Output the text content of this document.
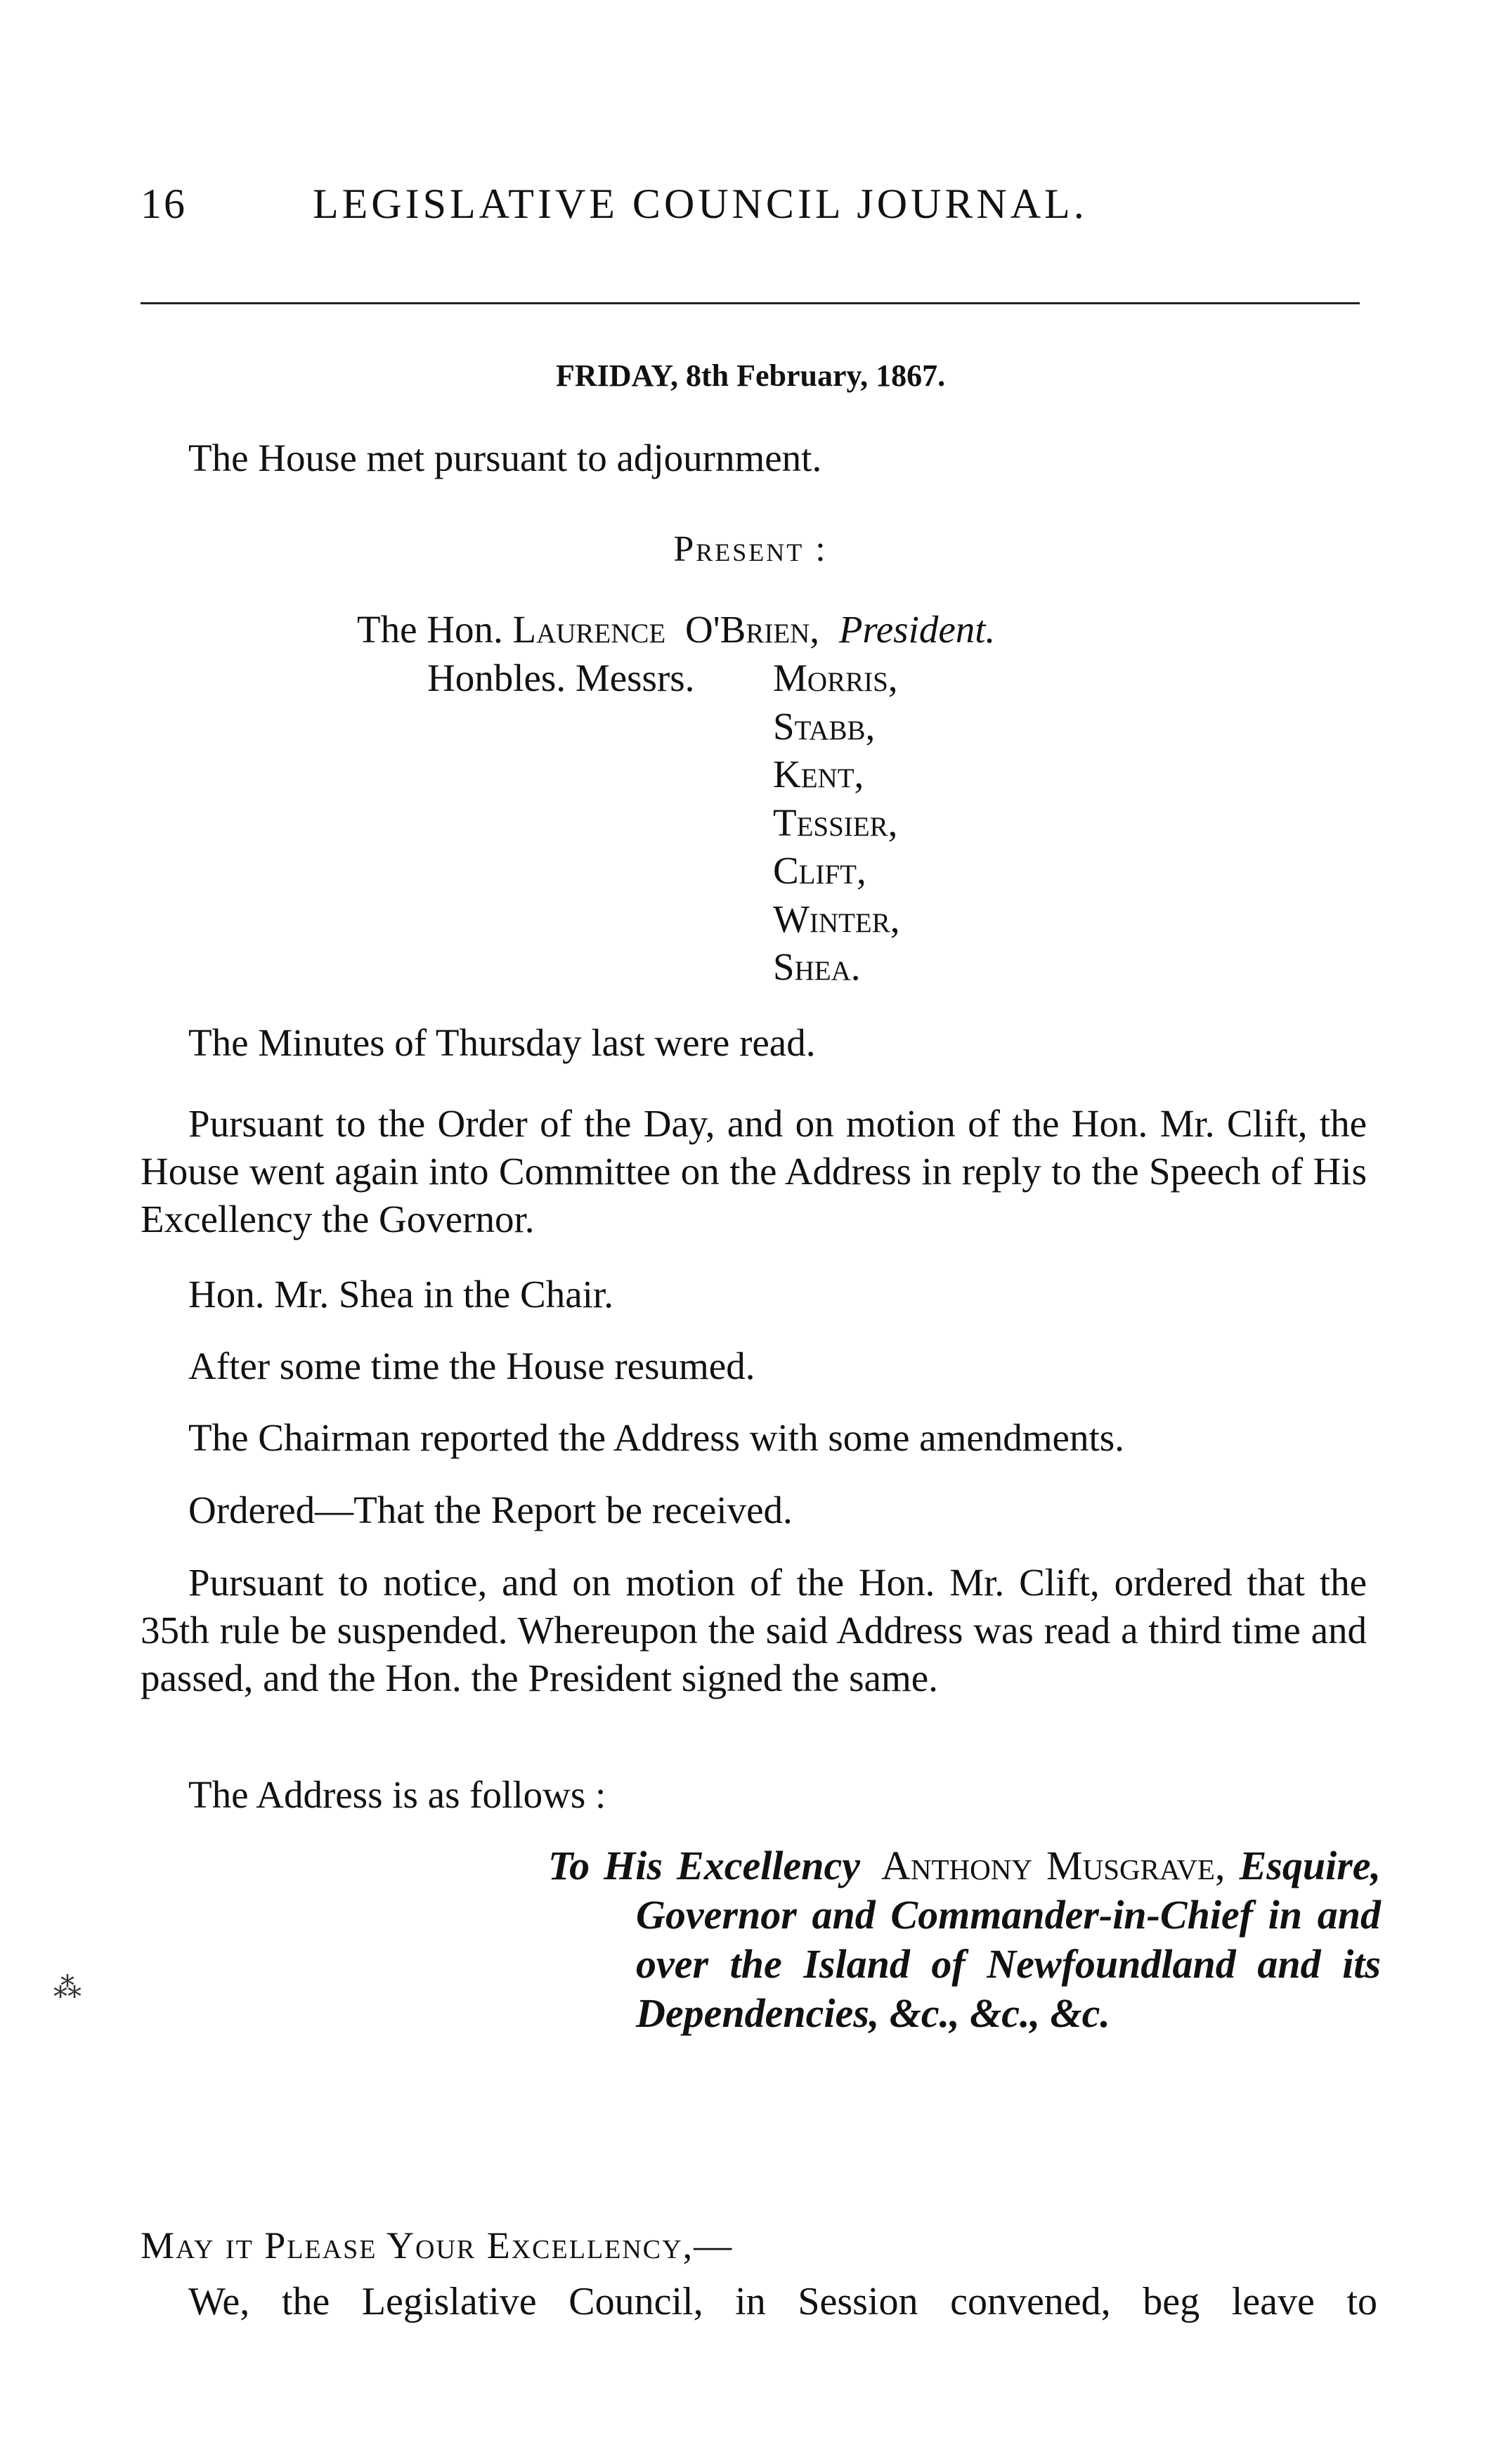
16	LEGISLATIVE COUNCIL JOURNAL.
FRIDAY, 8th February, 1867.
The House met pursuant to adjournment.
Present :
The Hon. Laurence O'Brien, President.
Honbles. Messrs. Morris,
Stabb,
Kent,
Tessier,
Clift,
Winter,
Shea.
The Minutes of Thursday last were read.
Pursuant to the Order of the Day, and on motion of the Hon. Mr. Clift, the House went again into Committee on the Address in reply to the Speech of His Excellency the Governor.
Hon. Mr. Shea in the Chair.
After some time the House resumed.
The Chairman reported the Address with some amendments.
Ordered—That the Report be received.
Pursuant to notice, and on motion of the Hon. Mr. Clift, ordered that the 35th rule be suspended. Whereupon the said Address was read a third time and passed, and the Hon. the President signed the same.
The Address is as follows :
To His Excellency Anthony Musgrave, Esquire, Governor and Commander-in-Chief in and over the Island of Newfoundland and its Dependencies, &c., &c., &c.
⁂
May it Please Your Excellency,—
We, the Legislative Council, in Session convened, beg leave to
